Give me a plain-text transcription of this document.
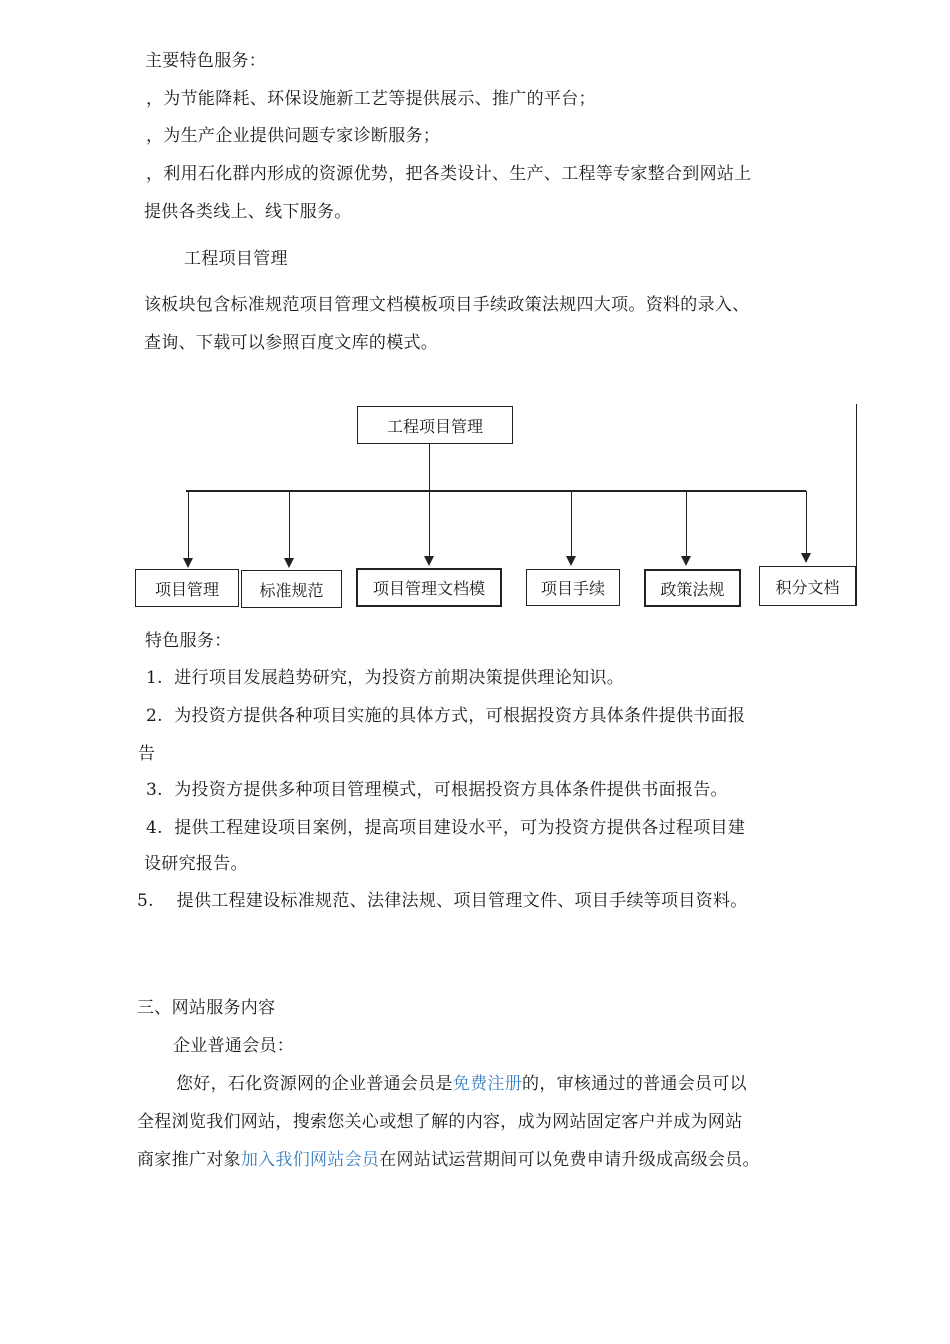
主要特色服务：
，为节能降耗、环保设施新工艺等提供展示、推广的平台；
，为生产企业提供问题专家诊断服务；
，利用石化群内形成的资源优势，把各类设计、生产、工程等专家整合到网站上
提供各类线上、线下服务。
工程项目管理
该板块包含标准规范项目管理文档模板项目手续政策法规四大项。资料的录入、
查询、下载可以参照百度文库的模式。
工程项目管理
项目管理	标准规范	项目管理文档模	项目手续	政策法规	积分文档
特色服务：
1. 进行项目发展趋势研究，为投资方前期决策提供理论知识。
2. 为投资方提供各种项目实施的具体方式，可根据投资方具体条件提供书面报
告
3. 为投资方提供多种项目管理模式，可根据投资方具体条件提供书面报告。
4. 提供工程建设项目案例，提高项目建设水平，可为投资方提供各过程项目建
设研究报告。
5. 提供工程建设标准规范、法律法规、项目管理文件、项目手续等项目资料。
三、网站服务内容
企业普通会员：
您好，石化资源网的企业普通会员是免费注册的，审核通过的普通会员可以
全程浏览我们网站，搜索您关心或想了解的内容，成为网站固定客户并成为网站
商家推广对象加入我们网站会员在网站试运营期间可以免费申请升级成高级会员。
